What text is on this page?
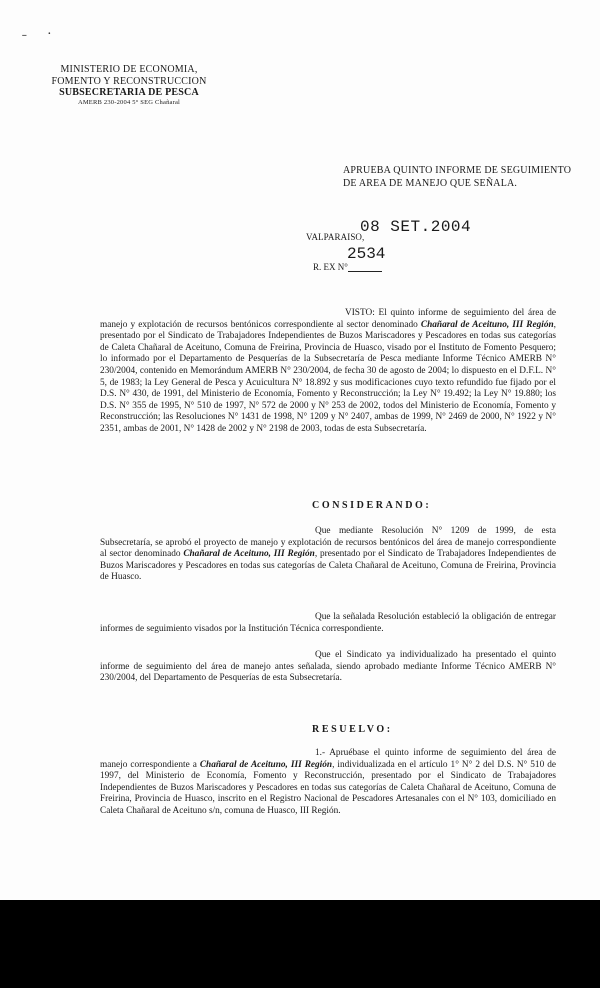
˗ ·
MINISTERIO DE ECONOMIA,
FOMENTO Y RECONSTRUCCION
SUBSECRETARIA DE PESCA
AMERB 230-2004 5° SEG Chañaral
APRUEBA QUINTO INFORME DE SEGUIMIENTO
DE AREA DE MANEJO QUE SEÑALA.
VALPARAISO,
08 SET.2004
2534
R. EX N°

VISTO: El quinto informe de seguimiento del área de manejo y explotación de recursos bentónicos correspondiente al sector denominado Chañaral de Aceituno, III Región, presentado por el Sindicato de Trabajadores Independientes de Buzos Mariscadores y Pescadores en todas sus categorías de Caleta Chañaral de Aceituno, Comuna de Freirina, Provincia de Huasco, visado por el Instituto de Fomento Pesquero; lo informado por el Departamento de Pesquerías de la Subsecretaría de Pesca mediante Informe Técnico AMERB N° 230/2004, contenido en Memorándum AMERB N° 230/2004, de fecha 30 de agosto de 2004; lo dispuesto en el D.F.L. N° 5, de 1983; la Ley General de Pesca y Acuicultura N° 18.892 y sus modificaciones cuyo texto refundido fue fijado por el D.S. N° 430, de 1991, del Ministerio de Economía, Fomento y Reconstrucción; la Ley N° 19.492; la Ley N° 19.880; los D.S. N° 355 de 1995, N° 510 de 1997, N° 572 de 2000 y N° 253 de 2002, todos del Ministerio de Economía, Fomento y Reconstrucción; las Resoluciones N° 1431 de 1998, N° 1209 y N° 2407, ambas de 1999, N° 2469 de 2000, N° 1922 y N° 2351, ambas de 2001, N° 1428 de 2002 y N° 2198 de 2003, todas de esta Subsecretaría.

CONSIDERANDO:

Que mediante Resolución N° 1209 de 1999, de esta Subsecretaría, se aprobó el proyecto de manejo y explotación de recursos bentónicos del área de manejo correspondiente al sector denominado Chañaral de Aceituno, III Región, presentado por el Sindicato de Trabajadores Independientes de Buzos Mariscadores y Pescadores en todas sus categorías de Caleta Chañaral de Aceituno, Comuna de Freirina, Provincia de Huasco.

Que la señalada Resolución estableció la obligación de entregar informes de seguimiento visados por la Institución Técnica correspondiente.

Que el Sindicato ya individualizado ha presentado el quinto informe de seguimiento del área de manejo antes señalada, siendo aprobado mediante Informe Técnico AMERB N° 230/2004, del Departamento de Pesquerías de esta Subsecretaría.

RESUELVO:

1.- Apruébase el quinto informe de seguimiento del área de manejo correspondiente a Chañaral de Aceituno, III Región, individualizada en el artículo 1° N° 2 del D.S. N° 510 de 1997, del Ministerio de Economía, Fomento y Reconstrucción, presentado por el Sindicato de Trabajadores Independientes de Buzos Mariscadores y Pescadores en todas sus categorías de Caleta Chañaral de Aceituno, Comuna de Freirina, Provincia de Huasco, inscrito en el Registro Nacional de Pescadores Artesanales con el N° 103, domiciliado en Caleta Chañaral de Aceituno s/n, comuna de Huasco, III Región.
